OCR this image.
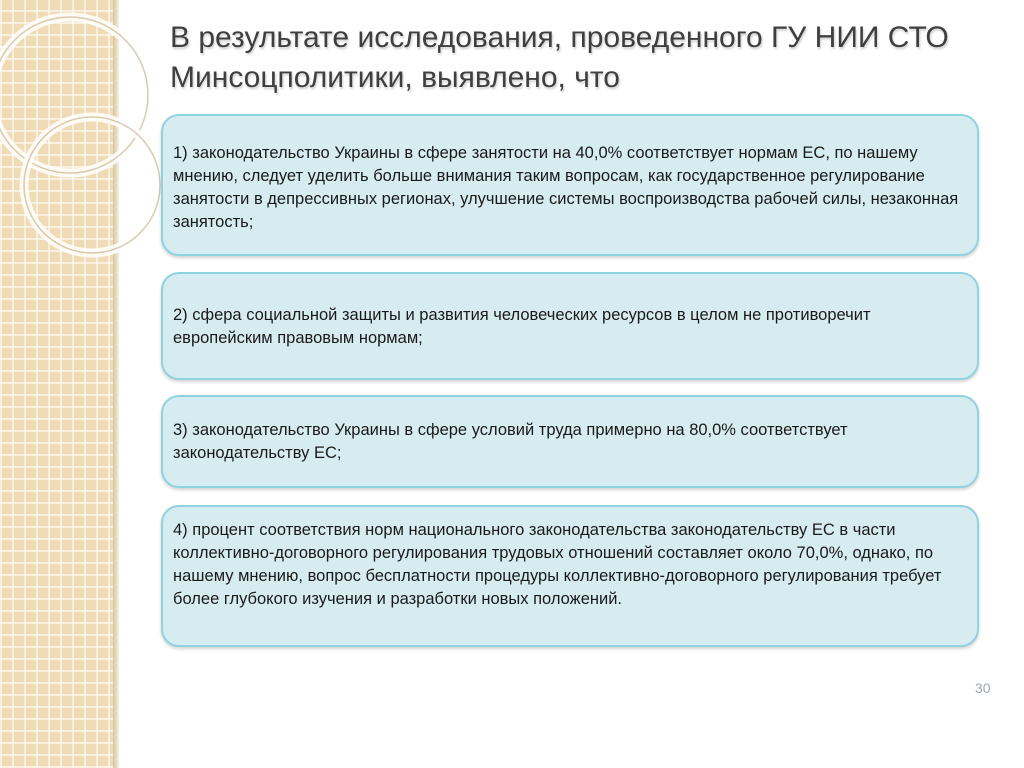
В результате исследования, проведенного ГУ НИИ СТО Минсоцполитики, выявлено, что
1) законодательство Украины в сфере занятости на 40,0% соответствует нормам ЕС, по нашему мнению, следует уделить больше внимания таким вопросам, как государственное регулирование занятости в депрессивных регионах, улучшение системы воспроизводства рабочей силы, незаконная занятость;
2) сфера социальной защиты и развития человеческих ресурсов в целом не противоречит европейским правовым нормам;
3) законодательство Украины в сфере условий труда примерно на 80,0% соответствует законодательству ЕС;
4) процент соответствия норм национального законодательства законодательству ЕС в части коллективно-договорного регулирования трудовых отношений составляет около 70,0%, однако, по нашему мнению, вопрос бесплатности процедуры коллективно-договорного регулирования требует более глубокого изучения и разработки новых положений.
30
